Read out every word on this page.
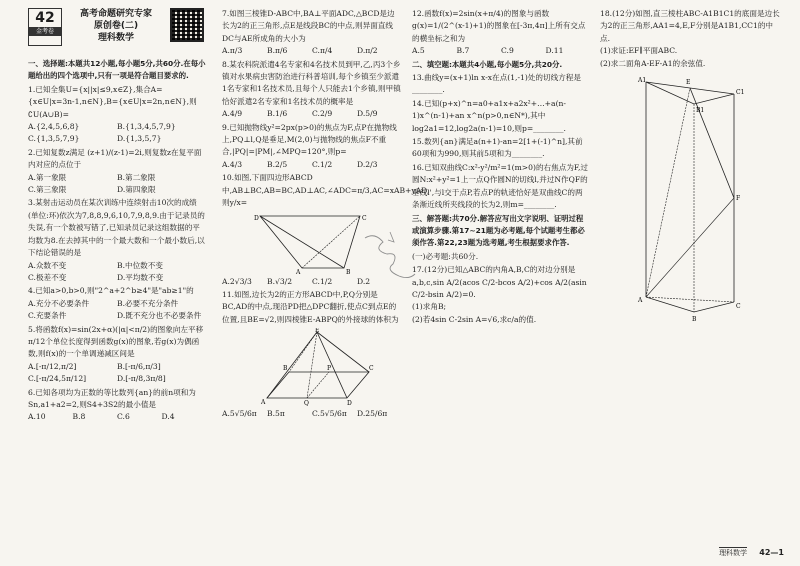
42
金考卷
高考命题研究专家
原创卷(二)
理科数学
一、选择题:本题共12小题,每小题5分,共60分.在每小题给出的四个选项中,只有一项是符合题目要求的.
1.已知全集U={x||x|≤9,x∈Z},集合A={x∈U|x=3n-1,n∈N},B={x∈U|x=2n,n∈N},则∁U(A∪B)=
A.{2,4,5,6,8}	B.{1,3,4,5,7,9}
C.{1,3,5,7,9}	D.{1,3,5,7}
2.已知复数z满足 (z+1)/(z-1)=2i,则复数z在复平面内对应的点位于
A.第一象限	B.第二象限
C.第三象限	D.第四象限
3.某射击运动员在某次训练中连续射击10次的成绩(单位:环)依次为7,8,8,9,6,10,7,9,8,9.由于记录员的失误,有一个数被写错了,已知录员记录这组数据的平均数为8.在去掉其中的一个最大数和一个最小数后,以下结论错误的是
A.众数不变	B.中位数不变
C.极差不变	D.平均数不变
4.已知a>0,b>0,则"2^a+2^b≥4"是"ab≥1"的
A.充分不必要条件	B.必要不充分条件
C.充要条件	D.既不充分也不必要条件
5.将函数f(x)=sin(2x+α)(|α|<π/2)的图象向左平移π/12个单位长度得到函数g(x)的图象,若g(x)为偶函数,则f(x)的一个单调递减区间是
A.[-π/12,π/2]	B.[-π/6,π/3]
C.[-π/24,5π/12]	D.[-π/8,3π/8]
6.已知各项均为正数的等比数列{an}的前n项和为Sn,a1+a2=2,则S4+3S2的最小值是
A.10	B.8	C.6	D.4
7.如图三棱锥D-ABC中,BA⊥平面ADC,△BCD是边长为2的正三角形,点E是线段BC的中点,则异面直线DC与AE所成角的大小为
A.π/3	B.π/6	C.π/4	D.π/2
8.某农科院派遣4名专家和4名技术员到甲,乙,丙3个乡镇对水果病虫害防治进行科普培训,每个乡镇至少派遣1名专家和1名技术员,且每个人只能去1个乡镇,则甲镇恰好派遣2名专家和1名技术员的概率是
A.4/9	B.1/6	C.2/9	D.5/9
9.已知抛物线y²=2px(p>0)的焦点为F,点P在抛物线上,PQ⊥l,Q是垂足,M(2,0)与抛物线的焦点F不重合,|PQ|=|PM|,∠MPQ=120°,则p=
A.4/3	B.2/5	C.1/2	D.2/3
10.如图,下面四边形ABCD中,AB⊥BC,AB=BC,AD⊥AC,∠ADC=π/3,AC=xAB+yAD,则y/x=
D	C
B
A
A.2√3/3	B.√3/2	C.1/2	D.2
11.如图,边长为2的正方形ABCD中,P,Q分别是BC,AD的中点,现沿PD把△DPC翻折,使点C到点E的位置,且BE=√2,则四棱锥E-ABPQ的外接球的体积为
E
A	Q	D
C
P
B
A.5√5/6π	B.5π	C.5√5/6π	D.25/6π
12.函数f(x)=2sin(x+π/4)的图象与函数g(x)=1/(2^(x-1)+1)的图象在[-3π,4π]上所有交点的横坐标之和为
A.5	B.7	C.9	D.11
二、填空题:本题共4小题,每小题5分,共20分.
13.曲线y=(x+1)ln x-x在点(1,-1)处的切线方程是________.
14.已知(p+x)^n=a0+a1x+a2x²+…+a(n-1)x^(n-1)+an x^n(p>0,n∈N*),其中log2a1=12,log2a(n-1)=10,则p=________.
15.数列{an}满足a(n+1)-an=2[1+(-1)^n],其前60项和为990,则其前5项和为________.
16.已知双曲线C:x²-y²/m²=1(m>0)的右焦点为F,过圆N:x²+y²=1上一点Q作圆N的切线l,并过N作QF的垂线l',与l交于点P,若点P的轨迹恰好是双曲线C的两条渐近线所夹线段的长为2,则m=________.
三、解答题:共70分.解答应写出文字说明、证明过程或演算步骤.第17~21题为必考题,每个试题考生都必须作答.第22,23题为选考题,考生根据要求作答.
(一)必考题:共60分.
17.(12分)已知△ABC的内角A,B,C的对边分别是a,b,c,sin A/2(acos C/2-bcos A/2)+cos A/2(asin C/2-bsin A/2)=0.
(1)求角B;
(2)若4sin C-2sin A=√6,求c/a的值.
18.(12分)如图,直三棱柱ABC-A1B1C1的底面是边长为2的正三角形,AA1=4,E,F分别是A1B1,CC1的中点.
(1)求证:EF∥平面ABC.
(2)求二面角A-EF-A1的余弦值.
A1
C1
E
B1
F
A
C
B
理科数学 42—1
